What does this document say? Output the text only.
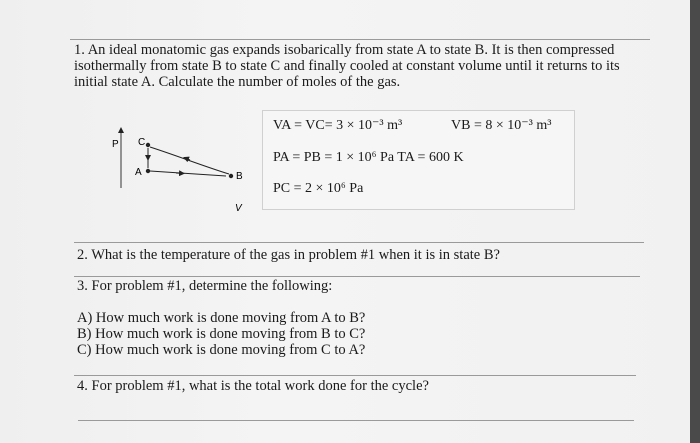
1. An ideal monatomic gas expands isobarically from state A to state B. It is then compressed
isothermally from state B to state C and finally cooled at constant volume until it returns to its
initial state A. Calculate the number of moles of the gas.
P
V
C
A	B
VA = VC= 3 × 10⁻³ m³	VB = 8 × 10⁻³ m³
PA = PB = 1 × 10⁶ Pa TA = 600 K
PC = 2 × 10⁶ Pa
2. What is the temperature of the gas in problem #1 when it is in state B?
3. For problem #1, determine the following:
A) How much work is done moving from A to B?
B) How much work is done moving from B to C?
C) How much work is done moving from C to A?
4. For problem #1, what is the total work done for the cycle?
